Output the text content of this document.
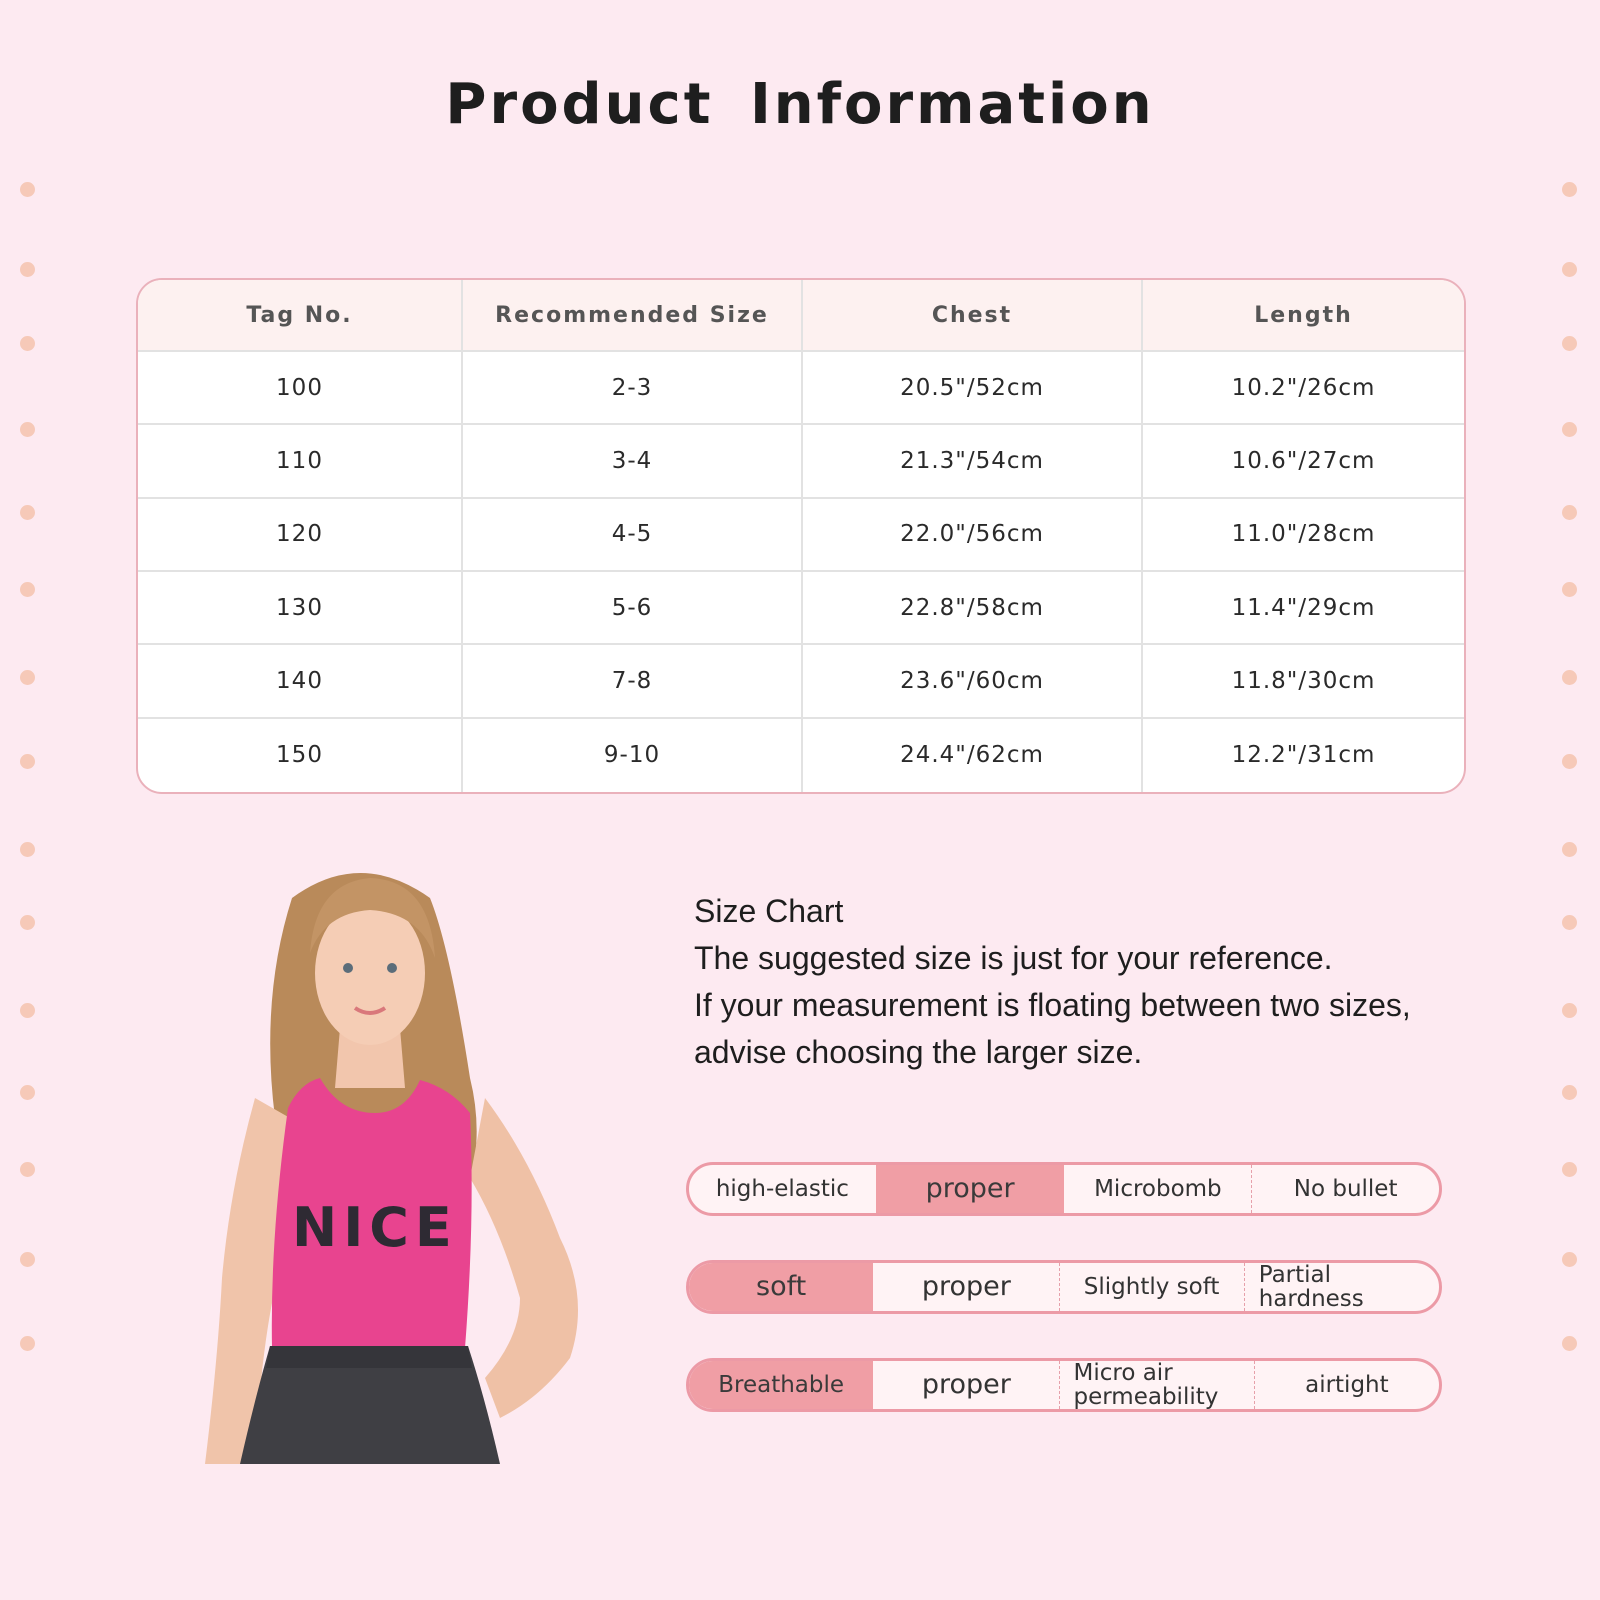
Product Information
Tag No.	Recommended Size	Chest	Length
100	2-3	20.5"/52cm	10.2"/26cm
110	3-4	21.3"/54cm	10.6"/27cm
120	4-5	22.0"/56cm	11.0"/28cm
130	5-6	22.8"/58cm	11.4"/29cm
140	7-8	23.6"/60cm	11.8"/30cm
150	9-10	24.4"/62cm	12.2"/31cm
NICE
Size Chart
The suggested size is just for your reference.
If your measurement is floating between two sizes,
advise choosing the larger size.
high-elastic	proper	Microbomb	No bullet
soft	proper	Slightly soft	Partial hardness
Breathable	proper	Micro air permeability	airtight
